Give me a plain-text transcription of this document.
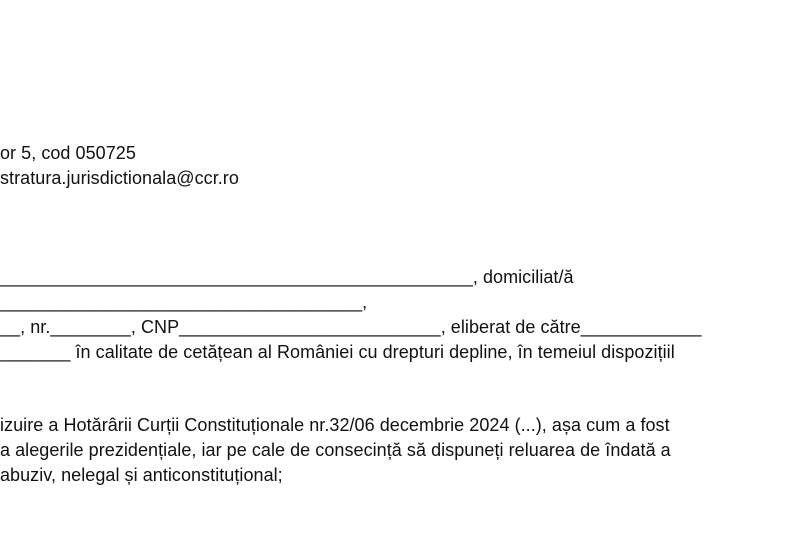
or 5, cod 050725
stratura.jurisdictionala@ccr.ro
_______________________________________________, domiciliat/ă
____________________________________,
__, nr.________, CNP__________________________, eliberat de către____________
_______ în calitate de cetățean al României cu drepturi depline, în temeiul dispozițiil
izuire a Hotărârii Curții Constituționale nr.32/06 decembrie 2024 (...), așa cum a fost
a alegerile prezidențiale, iar pe cale de consecință să dispuneți reluarea de îndată a
abuziv, nelegal și anticonstituțional;
